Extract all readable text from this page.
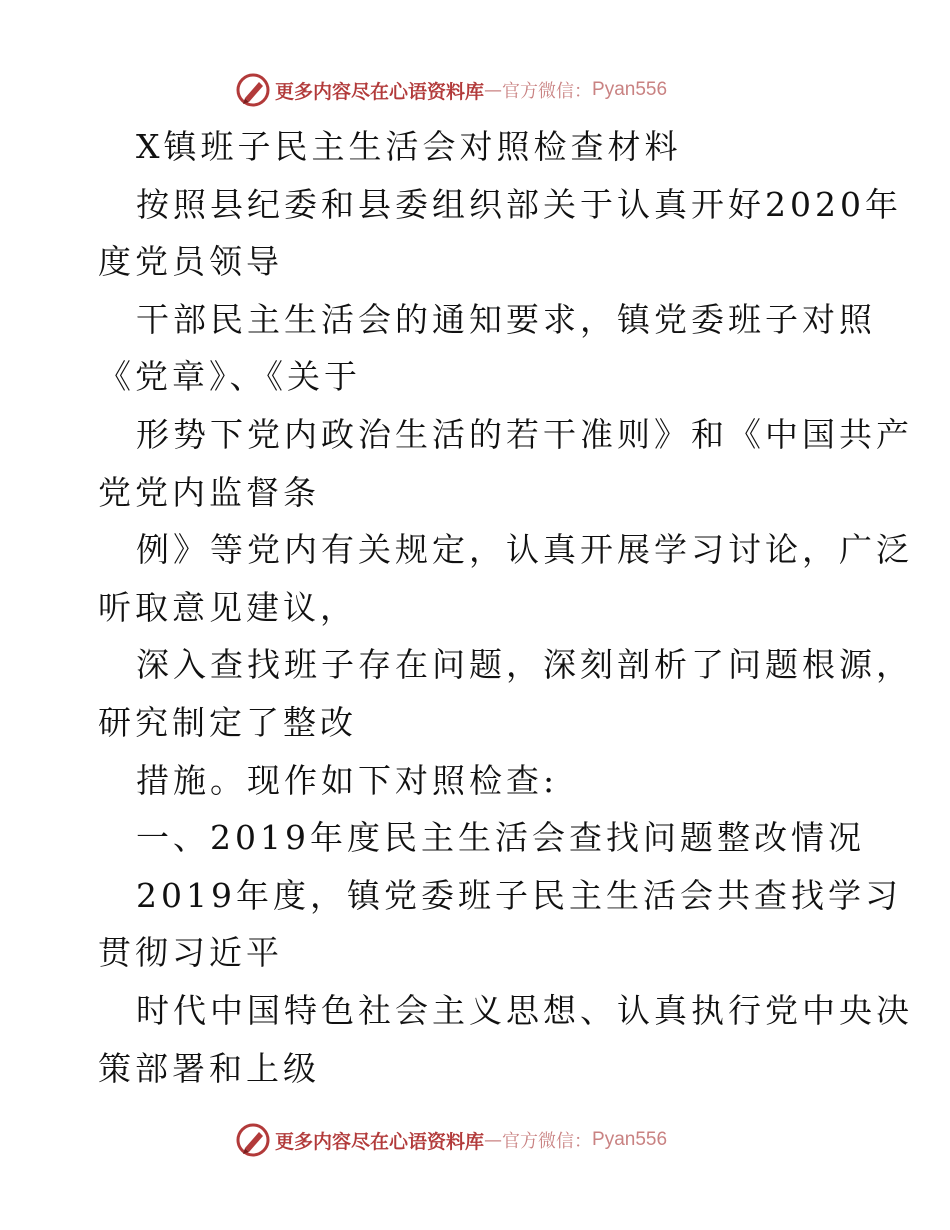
更多内容尽在心语资料库 — 官方微信： Pyan556
X镇班子民主生活会对照检查材料
按照县纪委和县委组织部关于认真开好2020年
度党员领导
干部民主生活会的通知要求，镇党委班子对照
《党章》、《关于
形势下党内政治生活的若干准则》和《中国共产
党党内监督条
例》等党内有关规定，认真开展学习讨论，广泛
听取意见建议，
深入查找班子存在问题，深刻剖析了问题根源，
研究制定了整改
措施。现作如下对照检查:
一、2019年度民主生活会查找问题整改情况
2019年度，镇党委班子民主生活会共查找学习
贯彻习近平
时代中国特色社会主义思想、认真执行党中央决
策部署和上级
更多内容尽在心语资料库 — 官方微信： Pyan556
